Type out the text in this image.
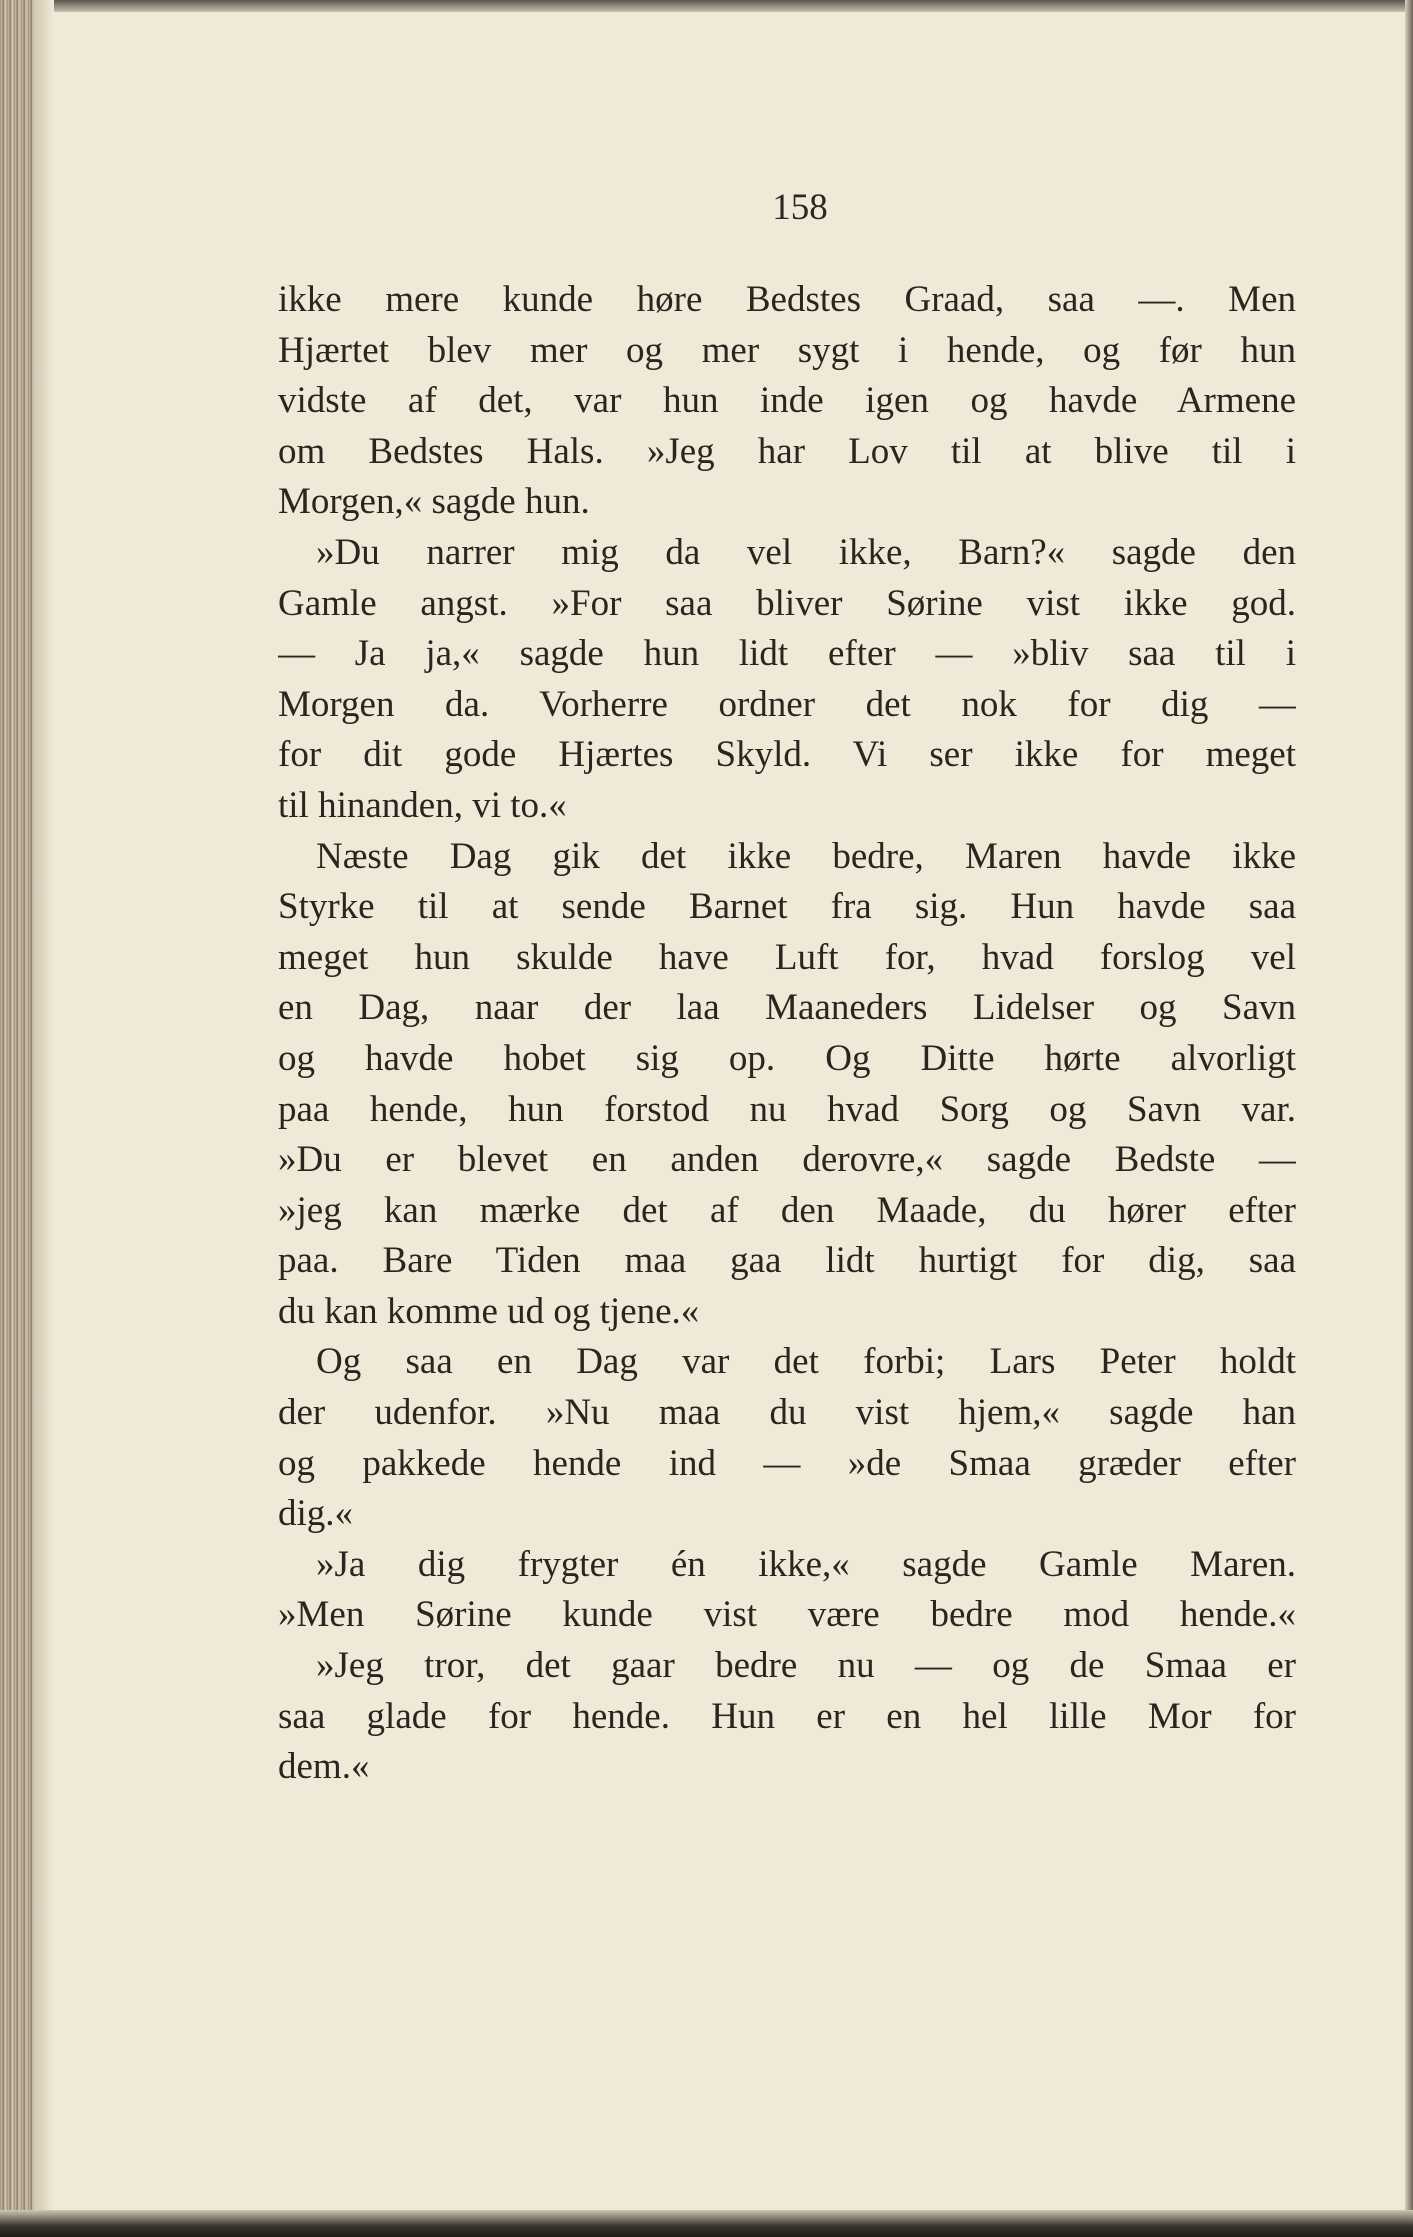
158
ikke mere kunde høre Bedstes Graad, saa —. Men
Hjærtet blev mer og mer sygt i hende, og før hun
vidste af det, var hun inde igen og havde Armene
om Bedstes Hals. »Jeg har Lov til at blive til i
Morgen,« sagde hun.
»Du narrer mig da vel ikke, Barn?« sagde den
Gamle angst. »For saa bliver Sørine vist ikke god.
— Ja ja,« sagde hun lidt efter — »bliv saa til i
Morgen da. Vorherre ordner det nok for dig —
for dit gode Hjærtes Skyld. Vi ser ikke for meget
til hinanden, vi to.«
Næste Dag gik det ikke bedre, Maren havde ikke
Styrke til at sende Barnet fra sig. Hun havde saa
meget hun skulde have Luft for, hvad forslog vel
en Dag, naar der laa Maaneders Lidelser og Savn
og havde hobet sig op. Og Ditte hørte alvorligt
paa hende, hun forstod nu hvad Sorg og Savn var.
»Du er blevet en anden derovre,« sagde Bedste —
»jeg kan mærke det af den Maade, du hører efter
paa. Bare Tiden maa gaa lidt hurtigt for dig, saa
du kan komme ud og tjene.«
Og saa en Dag var det forbi; Lars Peter holdt
der udenfor. »Nu maa du vist hjem,« sagde han
og pakkede hende ind — »de Smaa græder efter
dig.«
»Ja dig frygter én ikke,« sagde Gamle Maren.
»Men Sørine kunde vist være bedre mod hende.«
»Jeg tror, det gaar bedre nu — og de Smaa er
saa glade for hende. Hun er en hel lille Mor for
dem.«
